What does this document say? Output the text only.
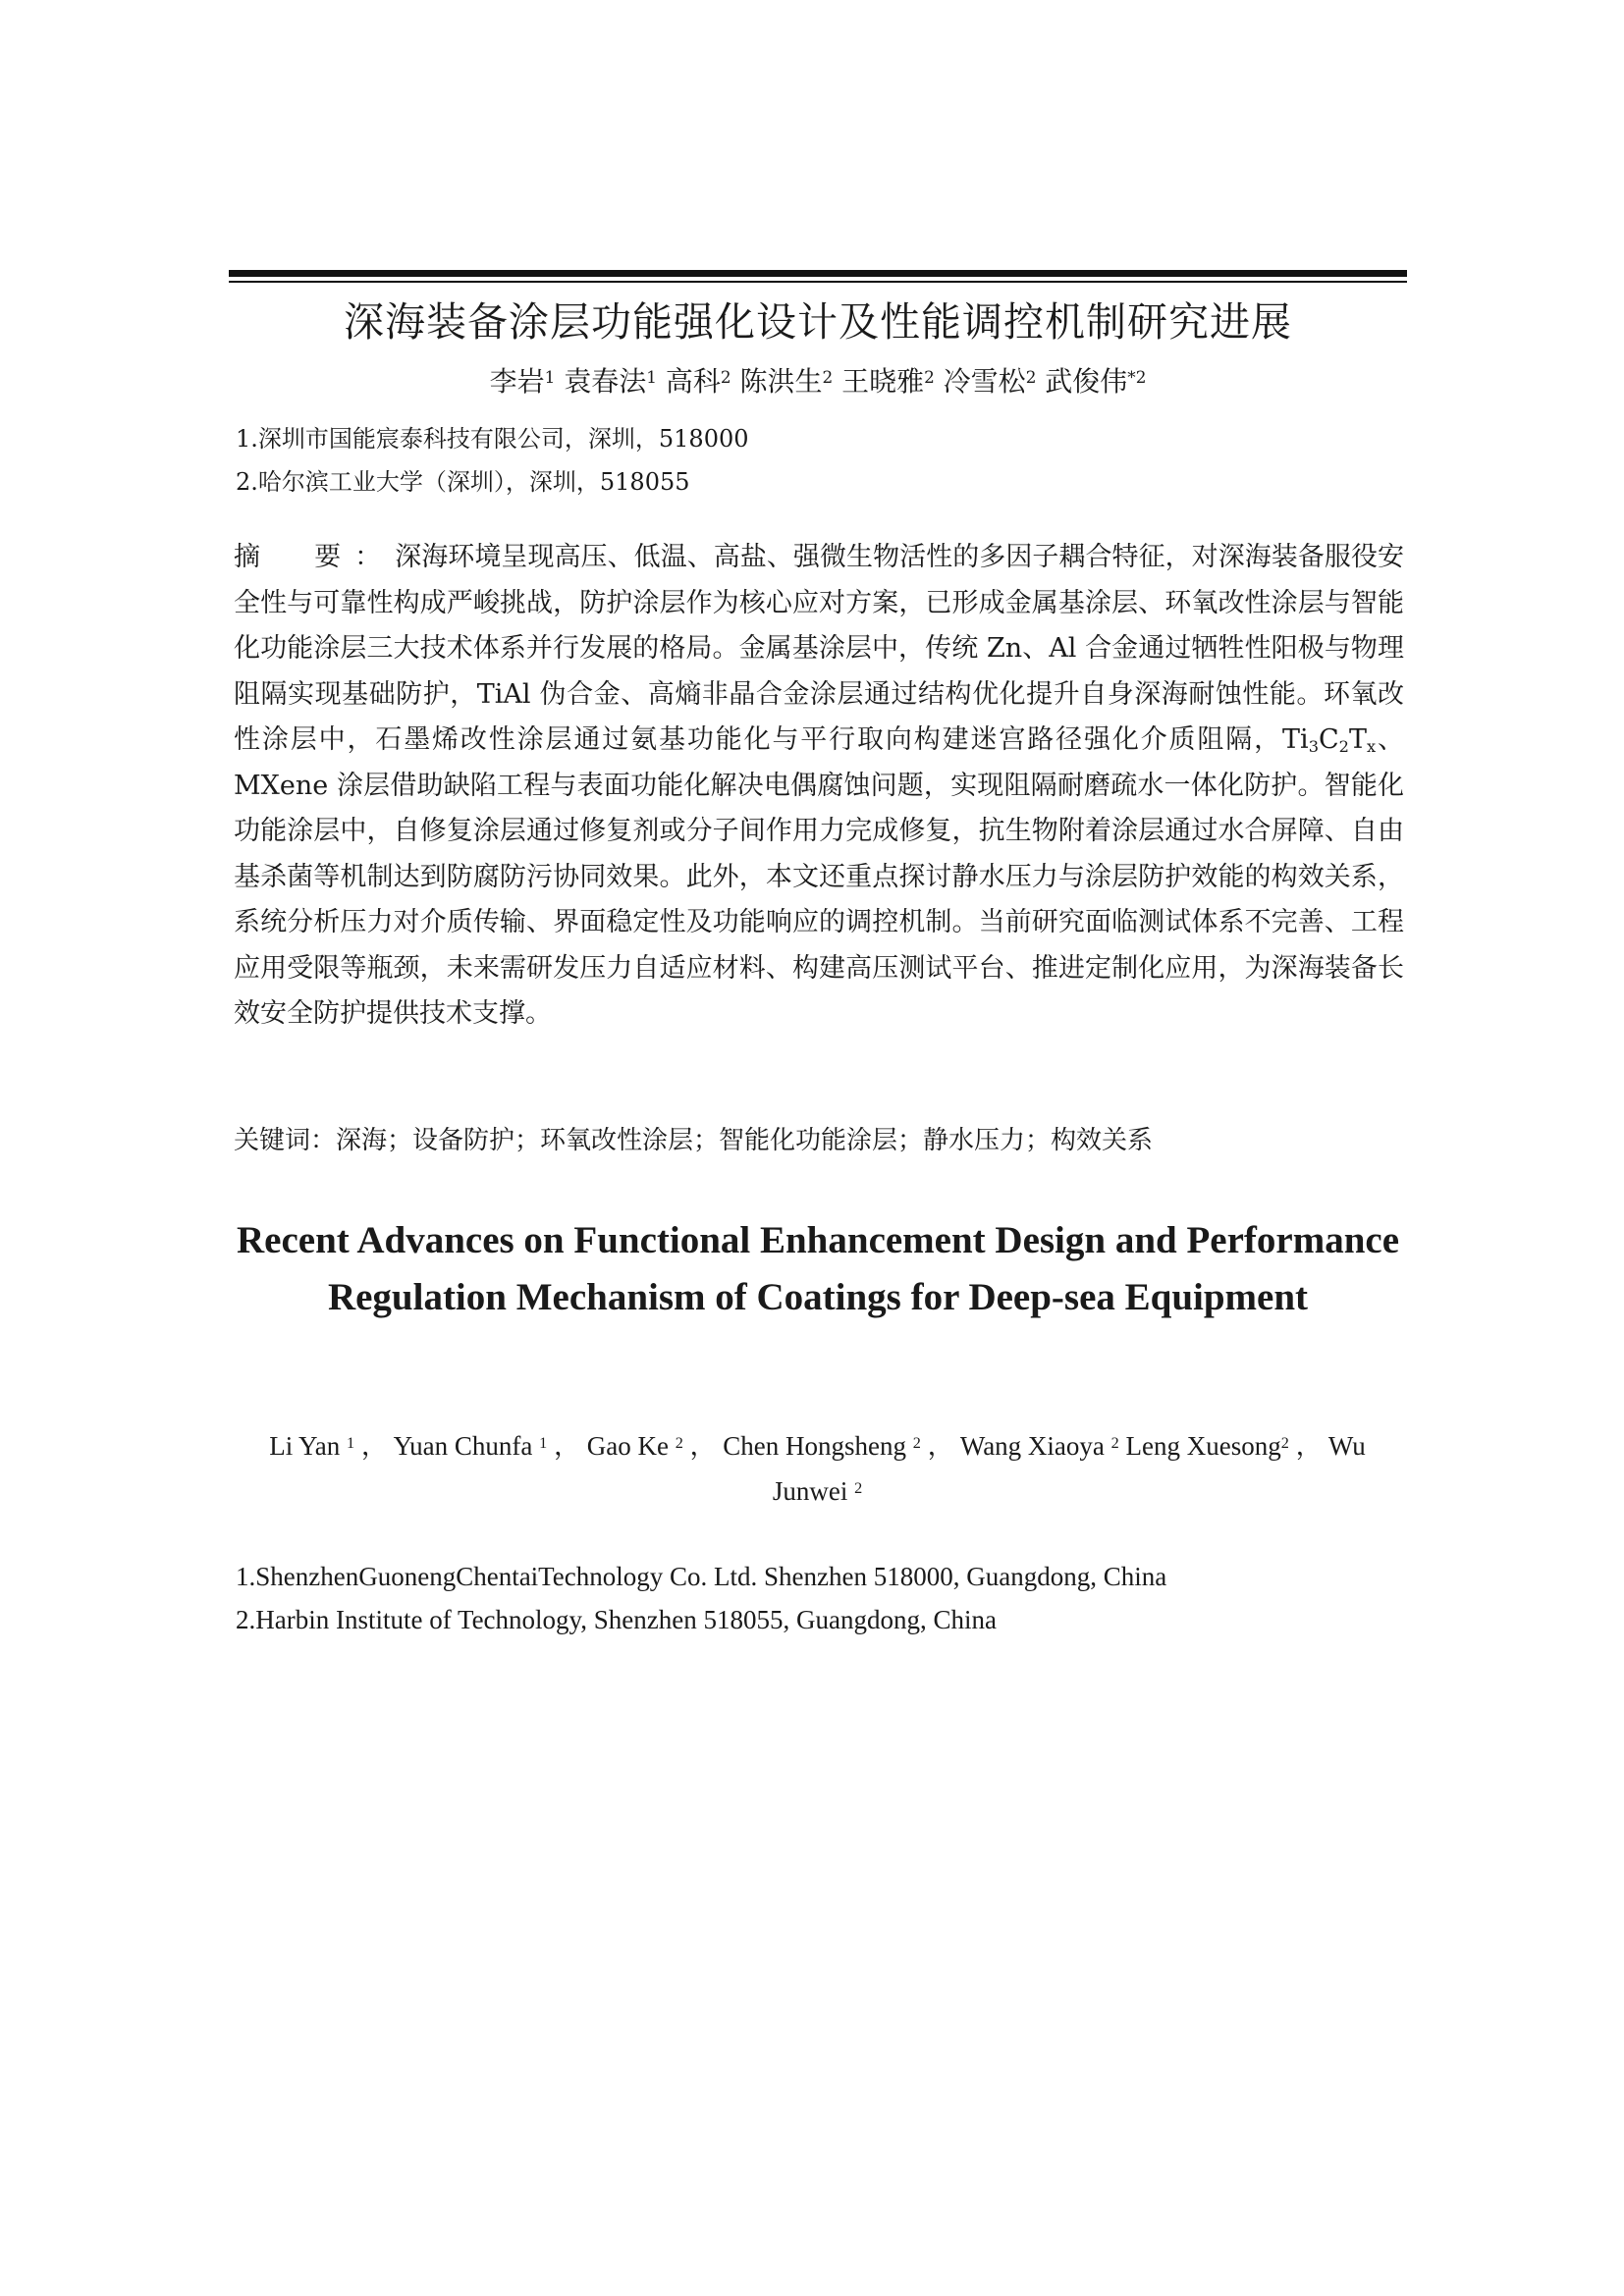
深海装备涂层功能强化设计及性能调控机制研究进展
李岩$^1$ 袁春法$^1$ 高科$^2$ 陈洪生$^2$ 王晓雅$^2$ 冷雪松$^2$ 武俊伟$^{*2}$
1.深圳市国能宸泰科技有限公司，深圳，518000
2.哈尔滨工业大学（深圳），深圳，518055
摘　要：深海环境呈现高压、低温、高盐、强微生物活性的多因子耦合特征，对深海装备服役安全性与可靠性构成严峻挑战，防护涂层作为核心应对方案，已形成金属基涂层、环氧改性涂层与智能化功能涂层三大技术体系并行发展的格局。金属基涂层中，传统 Zn、Al 合金通过牺牲性阳极与物理阻隔实现基础防护，TiAl 伪合金、高熵非晶合金涂层通过结构优化提升自身深海耐蚀性能。环氧改性涂层中，石墨烯改性涂层通过氨基功能化与平行取向构建迷宫路径强化介质阻隔，$Ti_3C_2T_x$、MXene 涂层借助缺陷工程与表面功能化解决电偶腐蚀问题，实现阻隔耐磨疏水一体化防护。智能化功能涂层中，自修复涂层通过修复剂或分子间作用力完成修复，抗生物附着涂层通过水合屏障、自由基杀菌等机制达到防腐防污协同效果。此外，本文还重点探讨静水压力与涂层防护效能的构效关系，系统分析压力对介质传输、界面稳定性及功能响应的调控机制。当前研究面临测试体系不完善、工程应用受限等瓶颈，未来需研发压力自适应材料、构建高压测试平台、推进定制化应用，为深海装备长效安全防护提供技术支撑。
关键词：深海；设备防护；环氧改性涂层；智能化功能涂层；静水压力；构效关系
Recent Advances on Functional Enhancement Design and Performance Regulation Mechanism of Coatings for Deep-sea Equipment
Li Yan $^1$ ， Yuan Chunfa $^1$ ， Gao Ke $^2$ ， Chen Hongsheng $^2$ ， Wang Xiaoya $^2$ Leng Xuesong$^2$ ， Wu Junwei $^2$
1.ShenzhenGuonengChentaiTechnology Co. Ltd. Shenzhen 518000, Guangdong, China
2.Harbin Institute of Technology, Shenzhen 518055, Guangdong, China
